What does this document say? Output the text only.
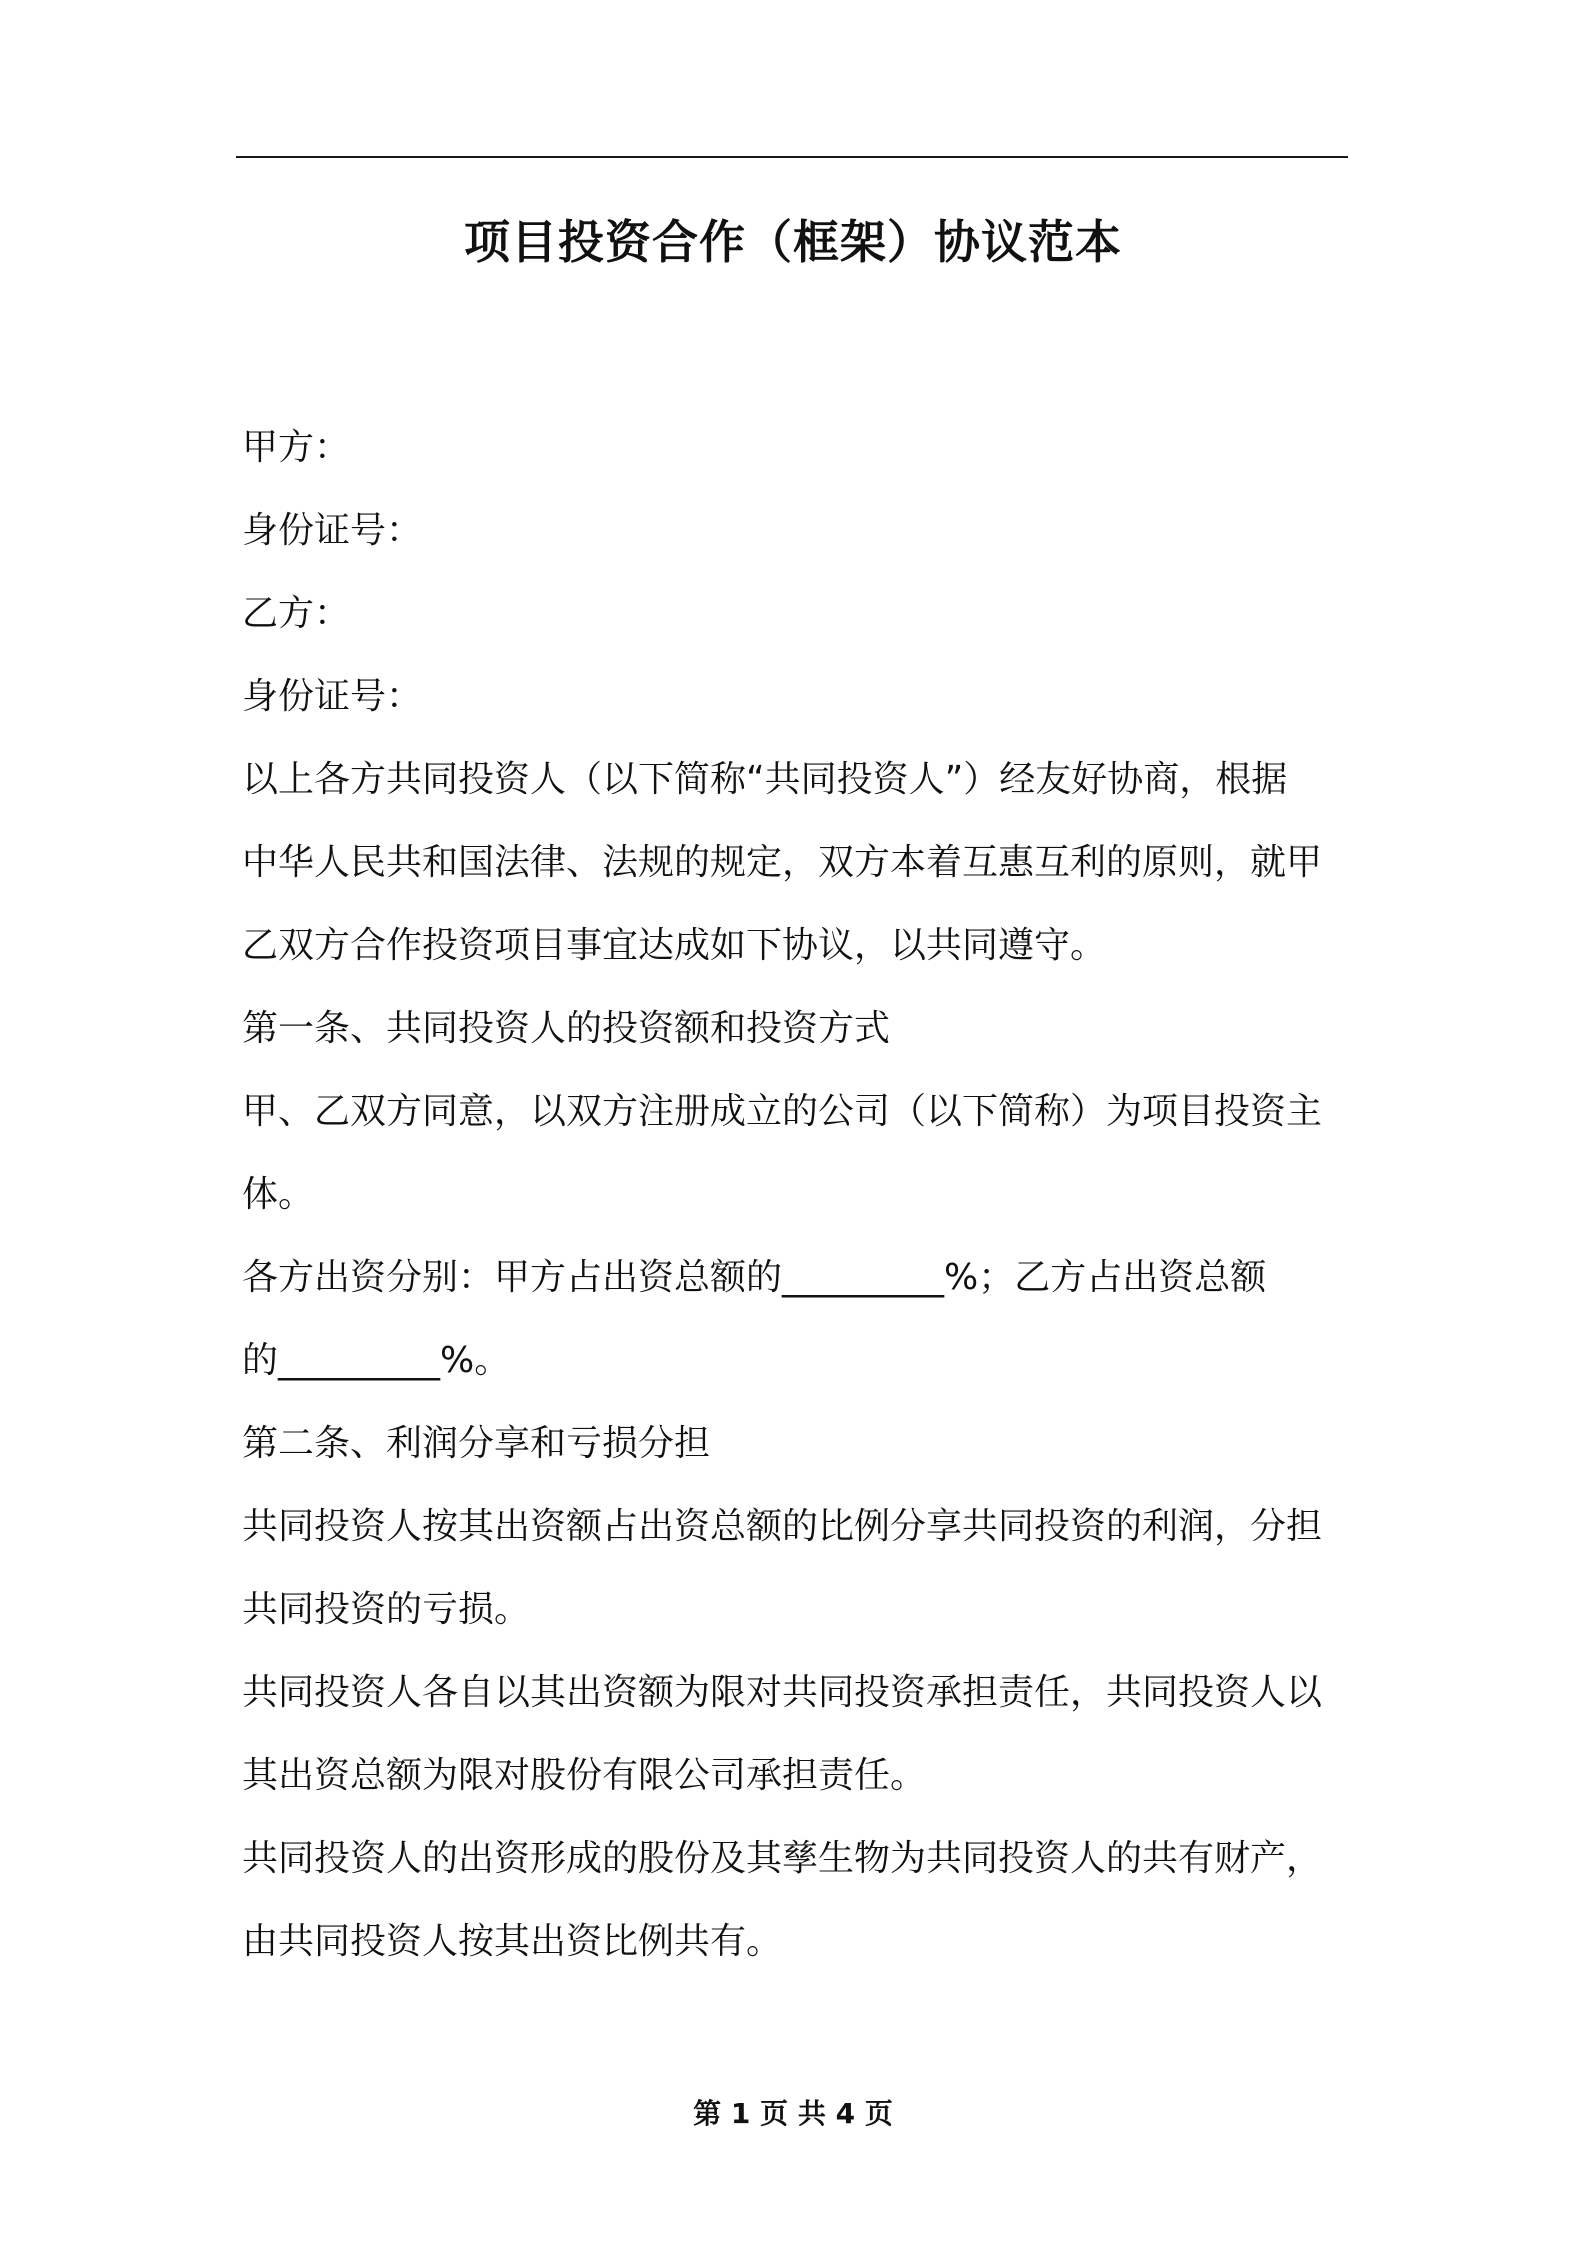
项目投资合作（框架）协议范本
甲方：
身份证号：
乙方：
身份证号：
以上各方共同投资人（以下简称“共同投资人”）经友好协商，根据
中华人民共和国法律、法规的规定，双方本着互惠互利的原则，就甲
乙双方合作投资项目事宜达成如下协议，以共同遵守。
第一条、共同投资人的投资额和投资方式
甲、乙双方同意，以双方注册成立的公司（以下简称）为项目投资主
体。
各方出资分别：甲方占出资总额的_________%；乙方占出资总额
的_________%。
第二条、利润分享和亏损分担
共同投资人按其出资额占出资总额的比例分享共同投资的利润，分担
共同投资的亏损。
共同投资人各自以其出资额为限对共同投资承担责任，共同投资人以
其出资总额为限对股份有限公司承担责任。
共同投资人的出资形成的股份及其孳生物为共同投资人的共有财产，
由共同投资人按其出资比例共有。
第 1 页 共 4 页
